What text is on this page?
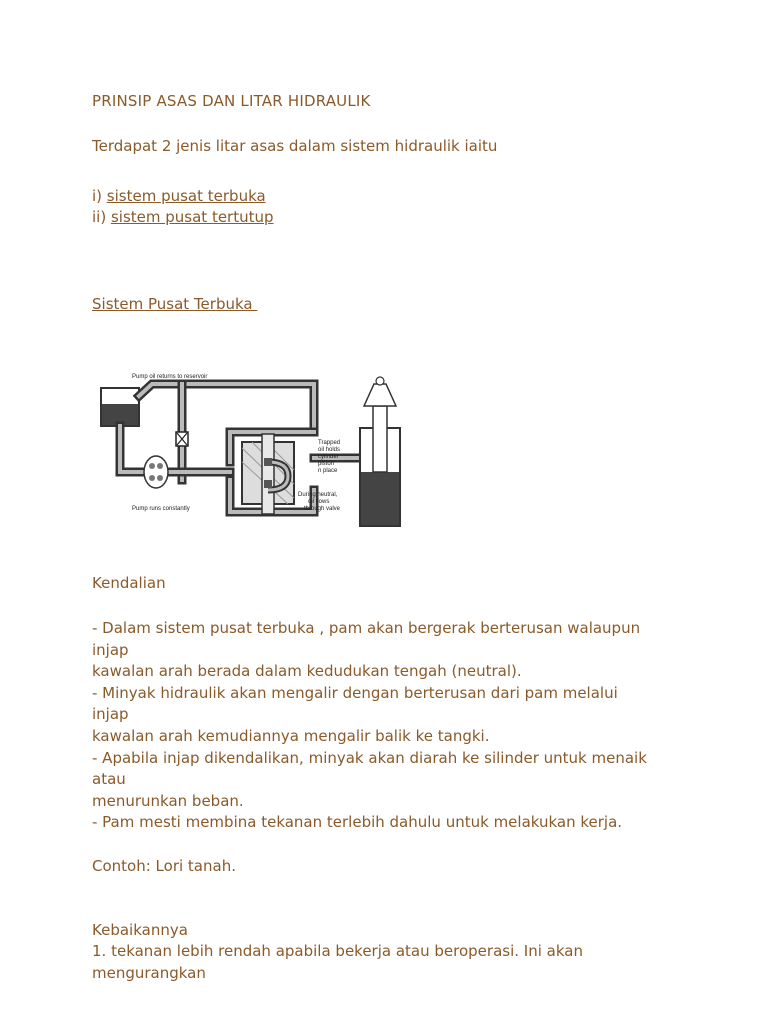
PRINSIP ASAS DAN LITAR HIDRAULIK
Terdapat 2 jenis litar asas dalam sistem hidraulik iaitu
i) sistem pusat terbuka
ii) sistem pusat tertutup
Sistem Pusat Terbuka
Pump oil returns to reservoir
Pump runs constantly
Trapped
oil holds
cylinder
piston
n place
During neutral,
oil flows
through valve
Kendalian
- Dalam sistem pusat terbuka , pam akan bergerak berterusan walaupun
injap
kawalan arah berada dalam kedudukan tengah (neutral).
- Minyak hidraulik akan mengalir dengan berterusan dari pam melalui
injap
kawalan arah kemudiannya mengalir balik ke tangki.
- Apabila injap dikendalikan, minyak akan diarah ke silinder untuk menaik
atau
menurunkan beban.
- Pam mesti membina tekanan terlebih dahulu untuk melakukan kerja.
Contoh: Lori tanah.
Kebaikannya
1. tekanan lebih rendah apabila bekerja atau beroperasi. Ini akan
mengurangkan
